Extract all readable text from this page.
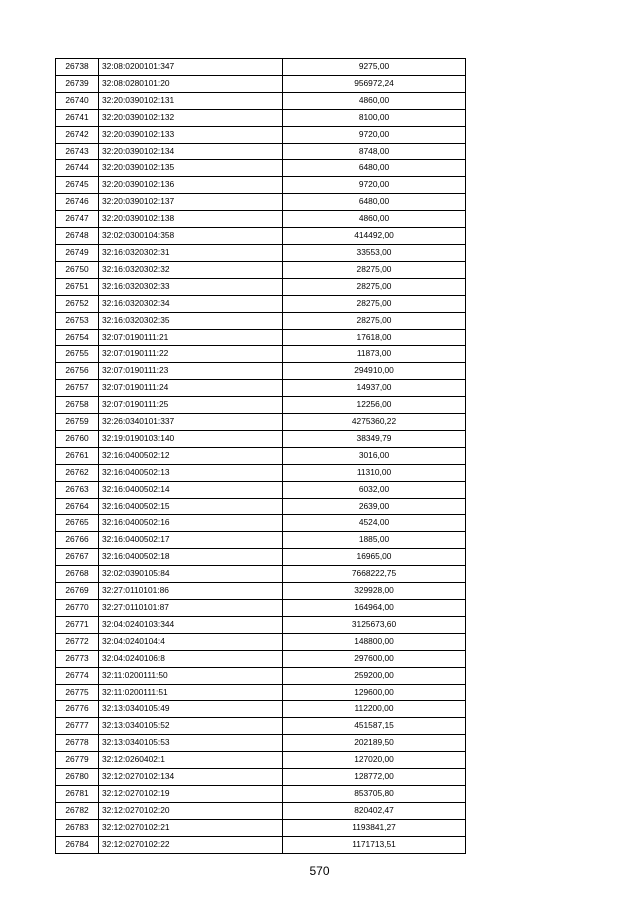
26738	32:08:0200101:347	9275,00
26739	32:08:0280101:20	956972,24
26740	32:20:0390102:131	4860,00
26741	32:20:0390102:132	8100,00
26742	32:20:0390102:133	9720,00
26743	32:20:0390102:134	8748,00
26744	32:20:0390102:135	6480,00
26745	32:20:0390102:136	9720,00
26746	32:20:0390102:137	6480,00
26747	32:20:0390102:138	4860,00
26748	32:02:0300104:358	414492,00
26749	32:16:0320302:31	33553,00
26750	32:16:0320302:32	28275,00
26751	32:16:0320302:33	28275,00
26752	32:16:0320302:34	28275,00
26753	32:16:0320302:35	28275,00
26754	32:07:0190111:21	17618,00
26755	32:07:0190111:22	11873,00
26756	32:07:0190111:23	294910,00
26757	32:07:0190111:24	14937,00
26758	32:07:0190111:25	12256,00
26759	32:26:0340101:337	4275360,22
26760	32:19:0190103:140	38349,79
26761	32:16:0400502:12	3016,00
26762	32:16:0400502:13	11310,00
26763	32:16:0400502:14	6032,00
26764	32:16:0400502:15	2639,00
26765	32:16:0400502:16	4524,00
26766	32:16:0400502:17	1885,00
26767	32:16:0400502:18	16965,00
26768	32:02:0390105:84	7668222,75
26769	32:27:0110101:86	329928,00
26770	32:27:0110101:87	164964,00
26771	32:04:0240103:344	3125673,60
26772	32:04:0240104:4	148800,00
26773	32:04:0240106:8	297600,00
26774	32:11:0200111:50	259200,00
26775	32:11:0200111:51	129600,00
26776	32:13:0340105:49	112200,00
26777	32:13:0340105:52	451587,15
26778	32:13:0340105:53	202189,50
26779	32:12:0260402:1	127020,00
26780	32:12:0270102:134	128772,00
26781	32:12:0270102:19	853705,80
26782	32:12:0270102:20	820402,47
26783	32:12:0270102:21	1193841,27
26784	32:12:0270102:22	1171713,51
570
